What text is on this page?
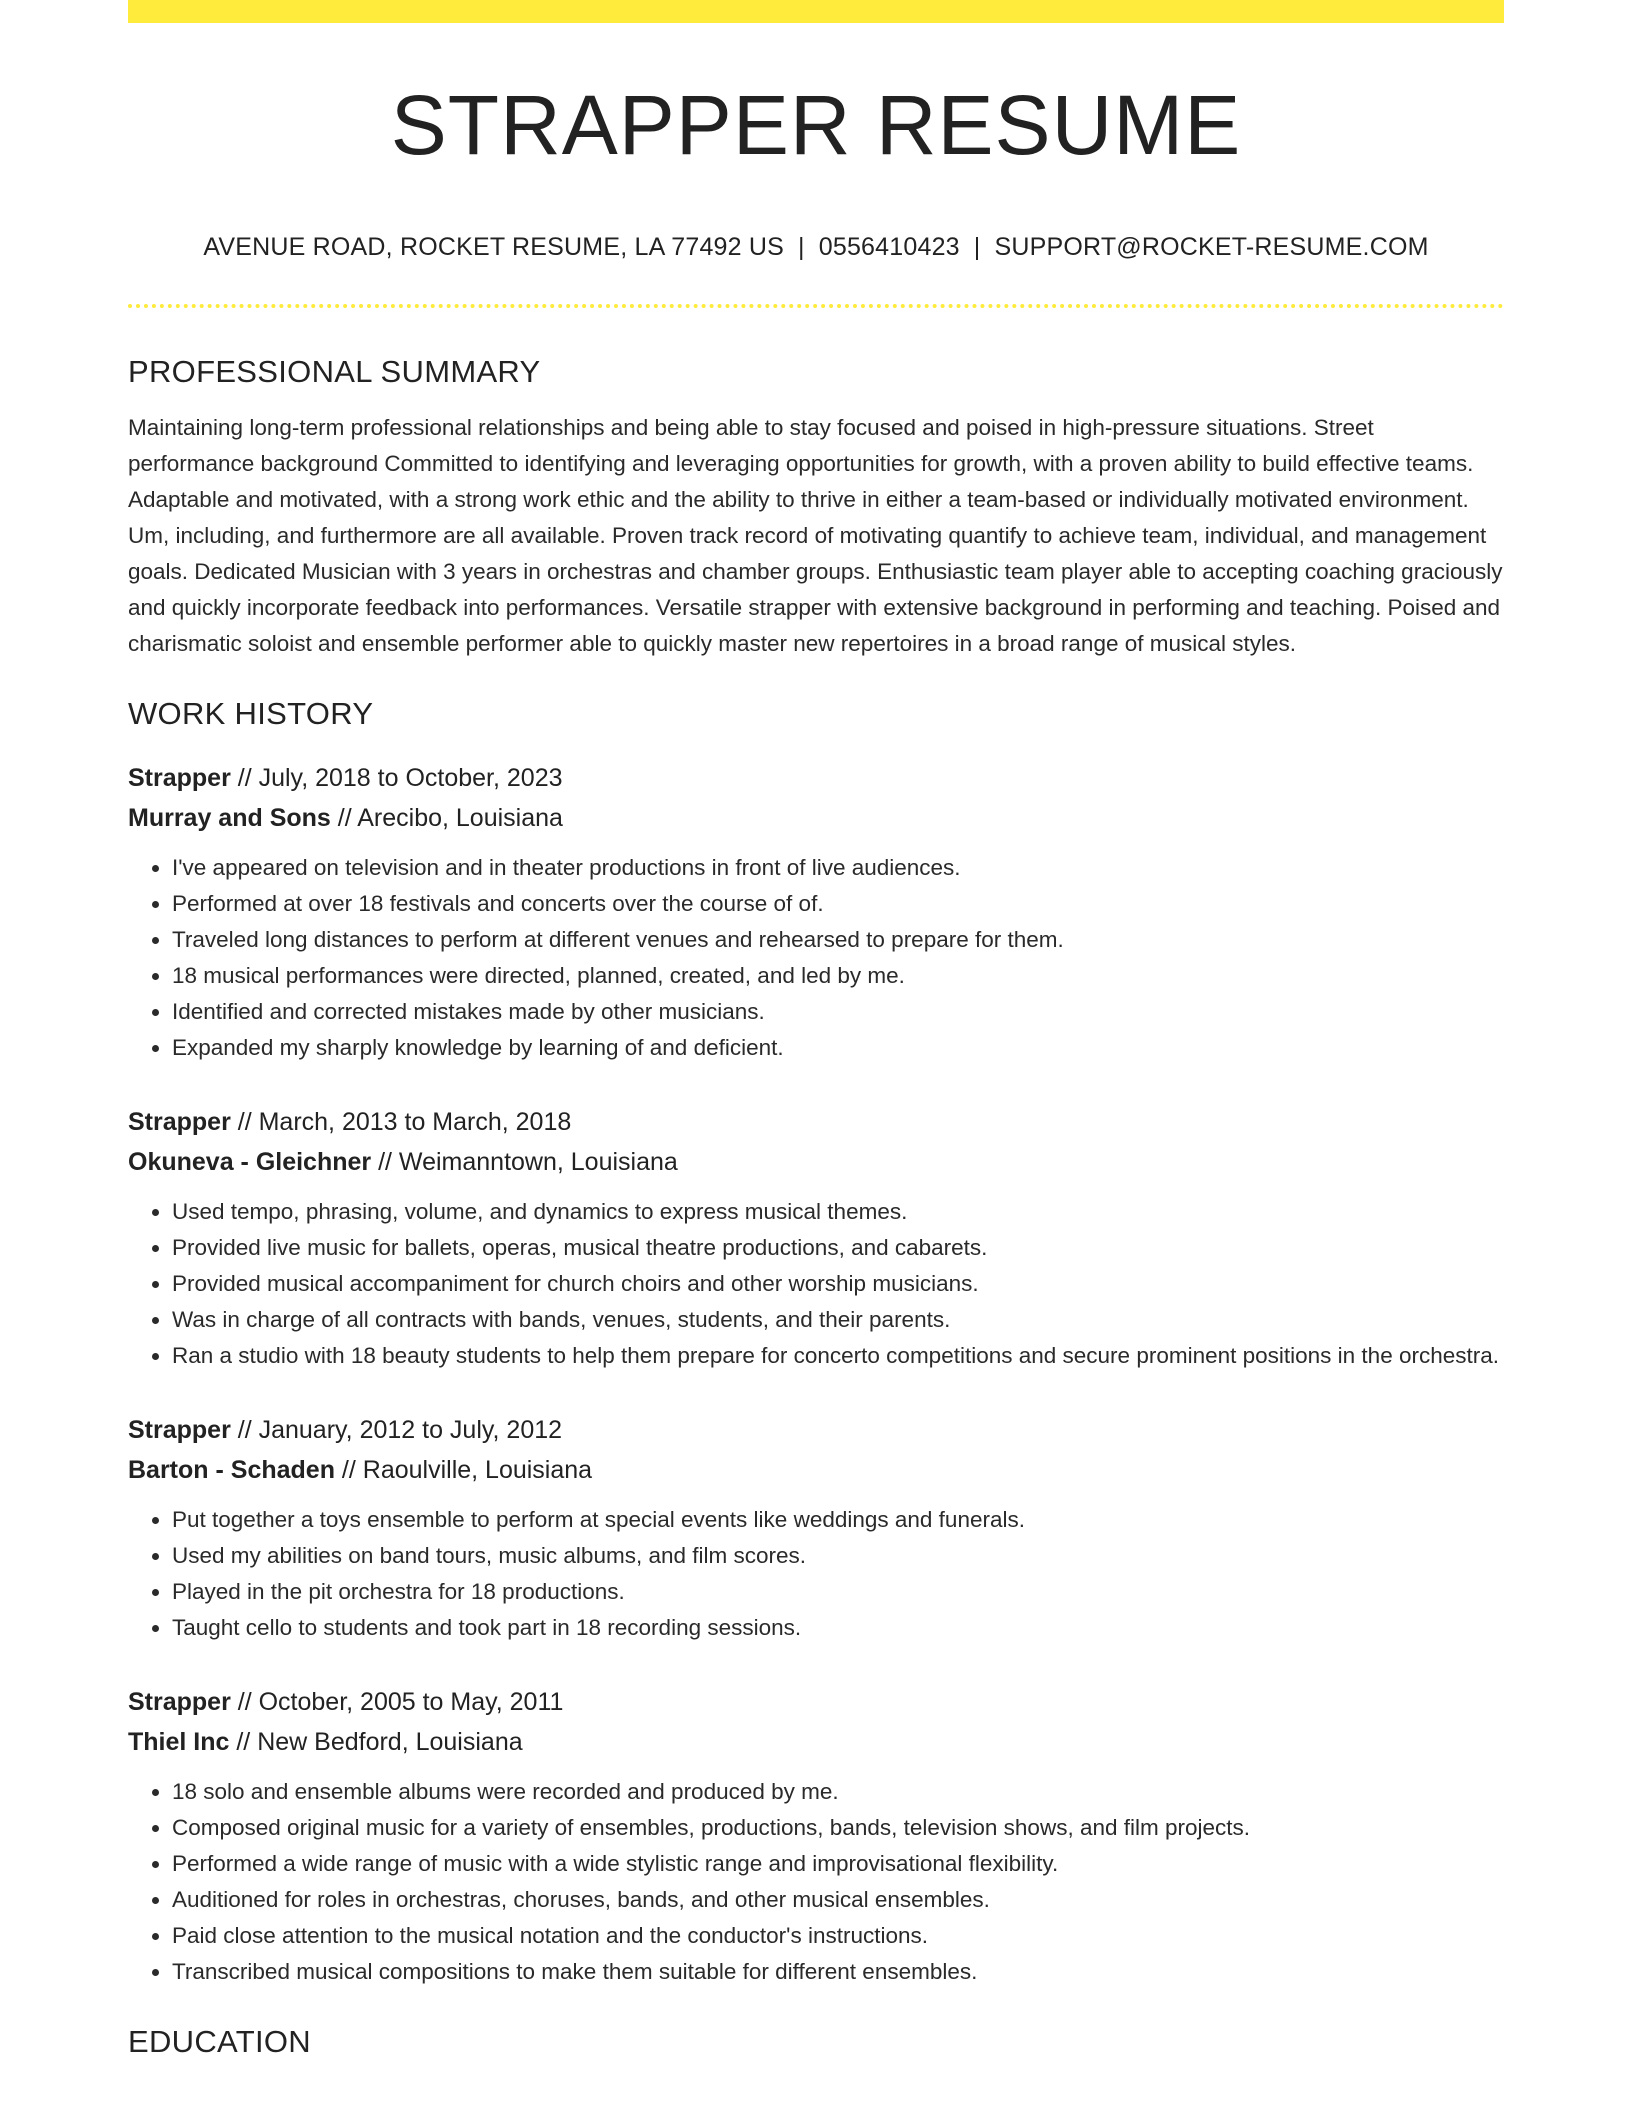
STRAPPER RESUME
AVENUE ROAD, ROCKET RESUME, LA 77492 US | 0556410423 | SUPPORT@ROCKET-RESUME.COM
PROFESSIONAL SUMMARY

Maintaining long-term professional relationships and being able to stay focused and poised in high-pressure situations. Street performance background Committed to identifying and leveraging opportunities for growth, with a proven ability to build effective teams. Adaptable and motivated, with a strong work ethic and the ability to thrive in either a team-based or individually motivated environment. Um, including, and furthermore are all available. Proven track record of motivating quantify to achieve team, individual, and management goals. Dedicated Musician with 3 years in orchestras and chamber groups. Enthusiastic team player able to accepting coaching graciously and quickly incorporate feedback into performances. Versatile strapper with extensive background in performing and teaching. Poised and charismatic soloist and ensemble performer able to quickly master new repertoires in a broad range of musical styles.

WORK HISTORY
Strapper // July, 2018 to October, 2023
Murray and Sons // Arecibo, Louisiana
• I've appeared on television and in theater productions in front of live audiences.
• Performed at over 18 festivals and concerts over the course of of.
• Traveled long distances to perform at different venues and rehearsed to prepare for them.
• 18 musical performances were directed, planned, created, and led by me.
• Identified and corrected mistakes made by other musicians.
• Expanded my sharply knowledge by learning of and deficient.
Strapper // March, 2013 to March, 2018
Okuneva - Gleichner // Weimanntown, Louisiana
• Used tempo, phrasing, volume, and dynamics to express musical themes.
• Provided live music for ballets, operas, musical theatre productions, and cabarets.
• Provided musical accompaniment for church choirs and other worship musicians.
• Was in charge of all contracts with bands, venues, students, and their parents.
• Ran a studio with 18 beauty students to help them prepare for concerto competitions and secure prominent positions in the orchestra.
Strapper // January, 2012 to July, 2012
Barton - Schaden // Raoulville, Louisiana
• Put together a toys ensemble to perform at special events like weddings and funerals.
• Used my abilities on band tours, music albums, and film scores.
• Played in the pit orchestra for 18 productions.
• Taught cello to students and took part in 18 recording sessions.
Strapper // October, 2005 to May, 2011
Thiel Inc // New Bedford, Louisiana
• 18 solo and ensemble albums were recorded and produced by me.
• Composed original music for a variety of ensembles, productions, bands, television shows, and film projects.
• Performed a wide range of music with a wide stylistic range and improvisational flexibility.
• Auditioned for roles in orchestras, choruses, bands, and other musical ensembles.
• Paid close attention to the musical notation and the conductor's instructions.
• Transcribed musical compositions to make them suitable for different ensembles.
EDUCATION
